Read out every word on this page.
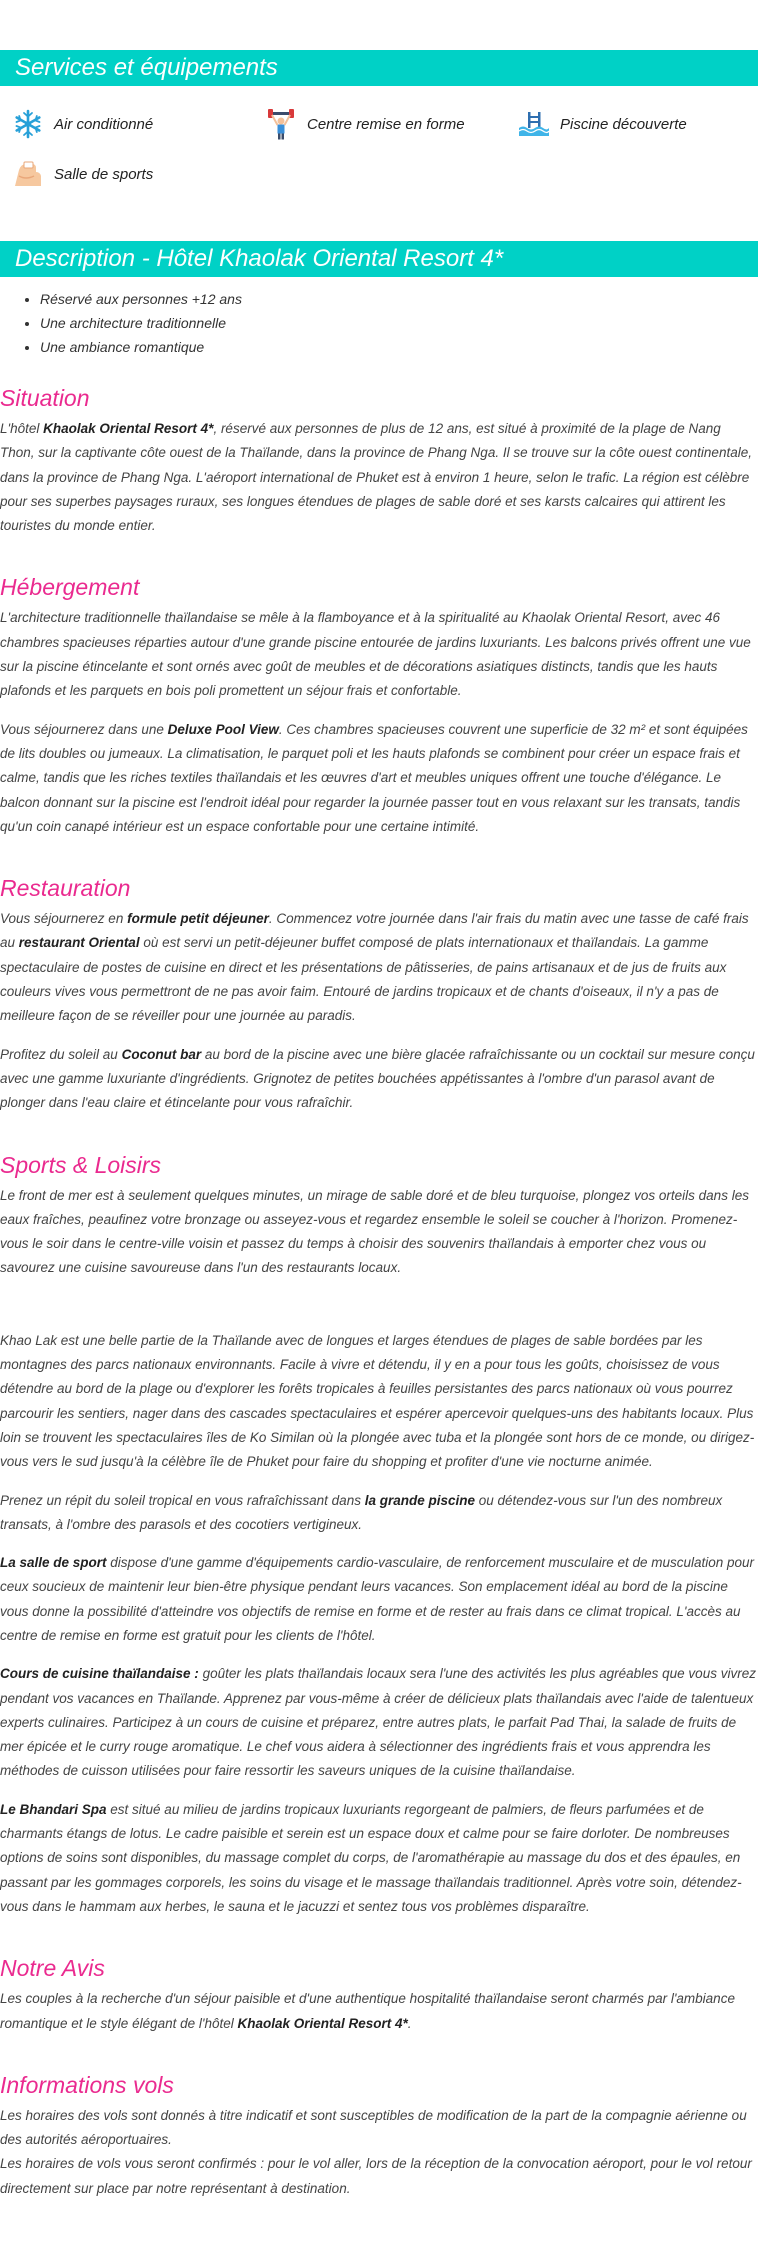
Services et équipements
Air conditionné	Centre remise en forme	Piscine découverte
Salle de sports
Description - Hôtel Khaolak Oriental Resort 4*
• Réservé aux personnes +12 ans
• Une architecture traditionnelle
• Une ambiance romantique
Situation

L'hôtel Khaolak Oriental Resort 4*, réservé aux personnes de plus de 12 ans, est situé à proximité de la plage de Nang Thon, sur la captivante côte ouest de la Thaïlande, dans la province de Phang Nga. Il se trouve sur la côte ouest continentale, dans la province de Phang Nga. L'aéroport international de Phuket est à environ 1 heure, selon le trafic. La région est célèbre pour ses superbes paysages ruraux, ses longues étendues de plages de sable doré et ses karsts calcaires qui attirent les touristes du monde entier.

Hébergement

L'architecture traditionnelle thaïlandaise se mêle à la flamboyance et à la spiritualité au Khaolak Oriental Resort, avec 46 chambres spacieuses réparties autour d'une grande piscine entourée de jardins luxuriants. Les balcons privés offrent une vue sur la piscine étincelante et sont ornés avec goût de meubles et de décorations asiatiques distincts, tandis que les hauts plafonds et les parquets en bois poli promettent un séjour frais et confortable.

Vous séjournerez dans une Deluxe Pool View. Ces chambres spacieuses couvrent une superficie de 32 m² et sont équipées de lits doubles ou jumeaux. La climatisation, le parquet poli et les hauts plafonds se combinent pour créer un espace frais et calme, tandis que les riches textiles thaïlandais et les œuvres d'art et meubles uniques offrent une touche d'élégance. Le balcon donnant sur la piscine est l'endroit idéal pour regarder la journée passer tout en vous relaxant sur les transats, tandis qu'un coin canapé intérieur est un espace confortable pour une certaine intimité.

Restauration

Vous séjournerez en formule petit déjeuner. Commencez votre journée dans l'air frais du matin avec une tasse de café frais au restaurant Oriental où est servi un petit-déjeuner buffet composé de plats internationaux et thaïlandais. La gamme spectaculaire de postes de cuisine en direct et les présentations de pâtisseries, de pains artisanaux et de jus de fruits aux couleurs vives vous permettront de ne pas avoir faim. Entouré de jardins tropicaux et de chants d'oiseaux, il n'y a pas de meilleure façon de se réveiller pour une journée au paradis.

Profitez du soleil au Coconut bar au bord de la piscine avec une bière glacée rafraîchissante ou un cocktail sur mesure conçu avec une gamme luxuriante d'ingrédients. Grignotez de petites bouchées appétissantes à l'ombre d'un parasol avant de plonger dans l'eau claire et étincelante pour vous rafraîchir.

Sports & Loisirs

Le front de mer est à seulement quelques minutes, un mirage de sable doré et de bleu turquoise, plongez vos orteils dans les eaux fraîches, peaufinez votre bronzage ou asseyez-vous et regardez ensemble le soleil se coucher à l'horizon. Promenez-vous le soir dans le centre-ville voisin et passez du temps à choisir des souvenirs thaïlandais à emporter chez vous ou savourez une cuisine savoureuse dans l'un des restaurants locaux.

Khao Lak est une belle partie de la Thaïlande avec de longues et larges étendues de plages de sable bordées par les montagnes des parcs nationaux environnants. Facile à vivre et détendu, il y en a pour tous les goûts, choisissez de vous détendre au bord de la plage ou d'explorer les forêts tropicales à feuilles persistantes des parcs nationaux où vous pourrez parcourir les sentiers, nager dans des cascades spectaculaires et espérer apercevoir quelques-uns des habitants locaux. Plus loin se trouvent les spectaculaires îles de Ko Similan où la plongée avec tuba et la plongée sont hors de ce monde, ou dirigez-vous vers le sud jusqu'à la célèbre île de Phuket pour faire du shopping et profiter d'une vie nocturne animée.

Prenez un répit du soleil tropical en vous rafraîchissant dans la grande piscine ou détendez-vous sur l'un des nombreux transats, à l'ombre des parasols et des cocotiers vertigineux.

La salle de sport dispose d'une gamme d'équipements cardio-vasculaire, de renforcement musculaire et de musculation pour ceux soucieux de maintenir leur bien-être physique pendant leurs vacances. Son emplacement idéal au bord de la piscine vous donne la possibilité d'atteindre vos objectifs de remise en forme et de rester au frais dans ce climat tropical. L'accès au centre de remise en forme est gratuit pour les clients de l'hôtel.

Cours de cuisine thaïlandaise : goûter les plats thaïlandais locaux sera l'une des activités les plus agréables que vous vivrez pendant vos vacances en Thaïlande. Apprenez par vous-même à créer de délicieux plats thaïlandais avec l'aide de talentueux experts culinaires. Participez à un cours de cuisine et préparez, entre autres plats, le parfait Pad Thai, la salade de fruits de mer épicée et le curry rouge aromatique. Le chef vous aidera à sélectionner des ingrédients frais et vous apprendra les méthodes de cuisson utilisées pour faire ressortir les saveurs uniques de la cuisine thaïlandaise.

Le Bhandari Spa est situé au milieu de jardins tropicaux luxuriants regorgeant de palmiers, de fleurs parfumées et de charmants étangs de lotus. Le cadre paisible et serein est un espace doux et calme pour se faire dorloter. De nombreuses options de soins sont disponibles, du massage complet du corps, de l'aromathérapie au massage du dos et des épaules, en passant par les gommages corporels, les soins du visage et le massage thaïlandais traditionnel. Après votre soin, détendez-vous dans le hammam aux herbes, le sauna et le jacuzzi et sentez tous vos problèmes disparaître.

Notre Avis

Les couples à la recherche d'un séjour paisible et d'une authentique hospitalité thaïlandaise seront charmés par l'ambiance romantique et le style élégant de l'hôtel Khaolak Oriental Resort 4*.

Informations vols

Les horaires des vols sont donnés à titre indicatif et sont susceptibles de modification de la part de la compagnie aérienne ou des autorités aéroportuaires.

Les horaires de vols vous seront confirmés : pour le vol aller, lors de la réception de la convocation aéroport, pour le vol retour directement sur place par notre représentant à destination.
